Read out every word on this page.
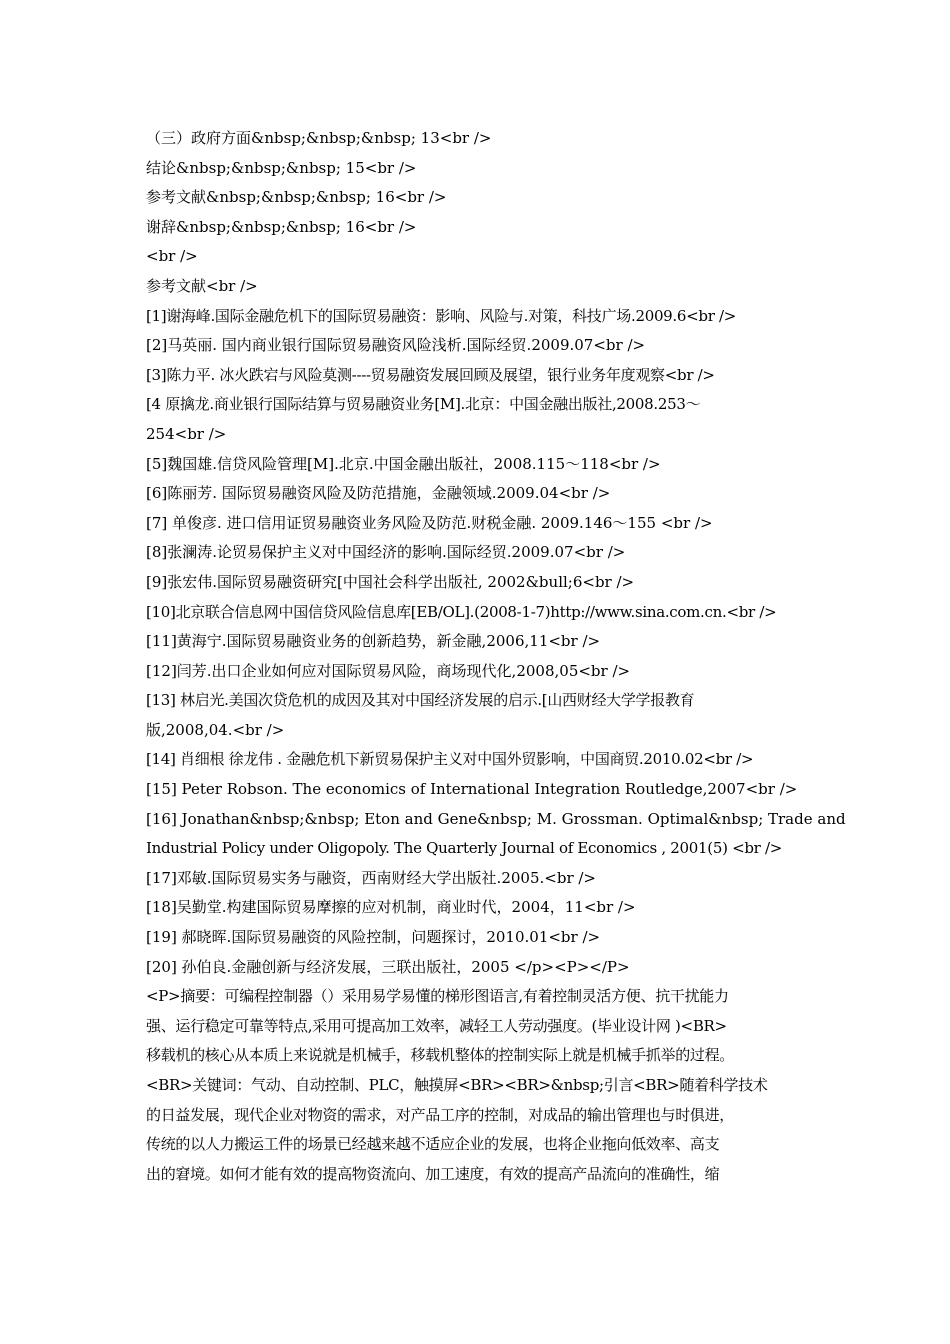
（三）政府方面&nbsp;&nbsp;&nbsp; 13<br />
结论&nbsp;&nbsp;&nbsp; 15<br />
参考文献&nbsp;&nbsp;&nbsp; 16<br />
谢辞&nbsp;&nbsp;&nbsp; 16<br />
<br />
参考文献<br />
[1]谢海峰.国际金融危机下的国际贸易融资：影响、风险与.对策，科技广场.2009.6<br />
[2]马英丽. 国内商业银行国际贸易融资风险浅析.国际经贸.2009.07<br />
[3]陈力平. 冰火跌宕与风险莫测----贸易融资发展回顾及展望，银行业务年度观察<br />
[4 原擒龙.商业银行国际结算与贸易融资业务[M].北京：中国金融出版社,2008.253～
254<br />
[5]魏国雄.信贷风险管理[M].北京.中国金融出版社，2008.115～118<br />
[6]陈丽芳. 国际贸易融资风险及防范措施，金融领域.2009.04<br />
[7] 单俊彦. 进口信用证贸易融资业务风险及防范.财税金融. 2009.146～155 <br />
[8]张澜涛.论贸易保护主义对中国经济的影响.国际经贸.2009.07<br />
[9]张宏伟.国际贸易融资研究[中国社会科学出版社, 2002&bull;6<br />
[10]北京联合信息网中国信贷风险信息库[EB/OL].(2008-1-7)http://www.sina.com.cn.<br />
[11]黄海宁.国际贸易融资业务的创新趋势，新金融,2006,11<br />
[12]闫芳.出口企业如何应对国际贸易风险，商场现代化,2008,05<br />
[13] 林启光.美国次贷危机的成因及其对中国经济发展的启示.[山西财经大学学报教育
版,2008,04.<br />
[14] 肖细根 徐龙伟 . 金融危机下新贸易保护主义对中国外贸影响，中国商贸.2010.02<br />
[15] Peter Robson. The economics of International Integration Routledge,2007<br />
[16] Jonathan&nbsp;&nbsp; Eton and Gene&nbsp; M. Grossman. Optimal&nbsp; Trade and
Industrial Policy under Oligopoly. The Quarterly Journal of Economics , 2001(5) <br />
[17]邓敏.国际贸易实务与融资，西南财经大学出版社.2005.<br />
[18]吴勤堂.构建国际贸易摩擦的应对机制，商业时代，2004，11<br />
[19] 郝晓晖.国际贸易融资的风险控制，问题探讨，2010.01<br />
[20] 孙伯良.金融创新与经济发展，三联出版社，2005 </p><P></P>
<P>摘要：可编程控制器（）采用易学易懂的梯形图语言,有着控制灵活方便、抗干扰能力
强、运行稳定可靠等特点,采用可提高加工效率，减轻工人劳动强度。(毕业设计网 )<BR>
移载机的核心从本质上来说就是机械手，移载机整体的控制实际上就是机械手抓举的过程。
<BR>关键词：气动、自动控制、PLC，触摸屏<BR><BR>&nbsp;引言<BR>随着科学技术
的日益发展，现代企业对物资的需求，对产品工序的控制，对成品的输出管理也与时俱进，
传统的以人力搬运工件的场景已经越来越不适应企业的发展，也将企业拖向低效率、高支
出的窘境。如何才能有效的提高物资流向、加工速度，有效的提高产品流向的准确性，缩
